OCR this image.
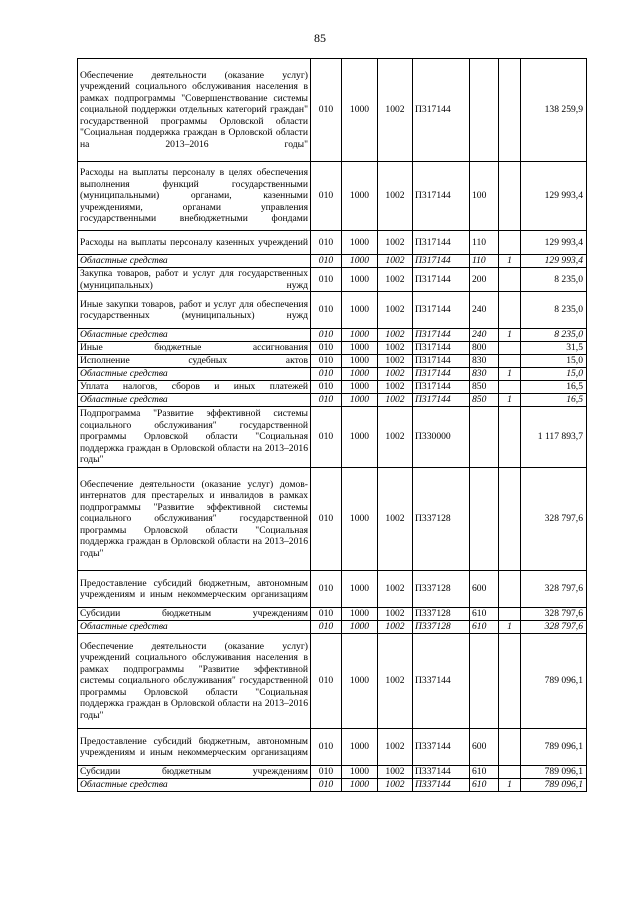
85
Обеспечение деятельности (оказание услуг) учреждений социального обслуживания населения в рамках подпрограммы "Совершенствование системы социальной поддержки отдельных категорий граждан" государственной программы Орловской области "Социальная поддержка граждан в Орловской области на 2013–2016 годы"	010	1000	1002	П317144			138 259,9
Расходы на выплаты персоналу в целях обеспечения выполнения функций государственными (муниципальными) органами, казенными учреждениями, органами управления государственными внебюджетными фондами	010	1000	1002	П317144	100		129 993,4
Расходы на выплаты персоналу казенных учреждений	010	1000	1002	П317144	110		129 993,4
Областные средства	010	1000	1002	П317144	110	1	129 993,4
Закупка товаров, работ и услуг для государственных (муниципальных) нужд	010	1000	1002	П317144	200		8 235,0
Иные закупки товаров, работ и услуг для обеспечения государственных (муниципальных) нужд	010	1000	1002	П317144	240		8 235,0
Областные средства	010	1000	1002	П317144	240	1	8 235,0
Иные бюджетные ассигнования	010	1000	1002	П317144	800		31,5
Исполнение судебных актов	010	1000	1002	П317144	830		15,0
Областные средства	010	1000	1002	П317144	830	1	15,0
Уплата налогов, сборов и иных платежей	010	1000	1002	П317144	850		16,5
Областные средства	010	1000	1002	П317144	850	1	16,5
Подпрограмма "Развитие эффективной системы социального обслуживания" государственной программы Орловской области "Социальная поддержка граждан в Орловской области на 2013–2016 годы"	010	1000	1002	П330000			1 117 893,7
Обеспечение деятельности (оказание услуг) домов-интернатов для престарелых и инвалидов в рамках подпрограммы "Развитие эффективной системы социального обслуживания" государственной программы Орловской области "Социальная поддержка граждан в Орловской области на 2013–2016 годы"	010	1000	1002	П337128			328 797,6
Предоставление субсидий бюджетным, автономным учреждениям и иным некоммерческим организациям	010	1000	1002	П337128	600		328 797,6
Субсидии бюджетным учреждениям	010	1000	1002	П337128	610		328 797,6
Областные средства	010	1000	1002	П337128	610	1	328 797,6
Обеспечение деятельности (оказание услуг) учреждений социального обслуживания населения в рамках подпрограммы "Развитие эффективной системы социального обслуживания" государственной программы Орловской области "Социальная поддержка граждан в Орловской области на 2013–2016 годы"	010	1000	1002	П337144			789 096,1
Предоставление субсидий бюджетным, автономным учреждениям и иным некоммерческим организациям	010	1000	1002	П337144	600		789 096,1
Субсидии бюджетным учреждениям	010	1000	1002	П337144	610		789 096,1
Областные средства	010	1000	1002	П337144	610	1	789 096,1
